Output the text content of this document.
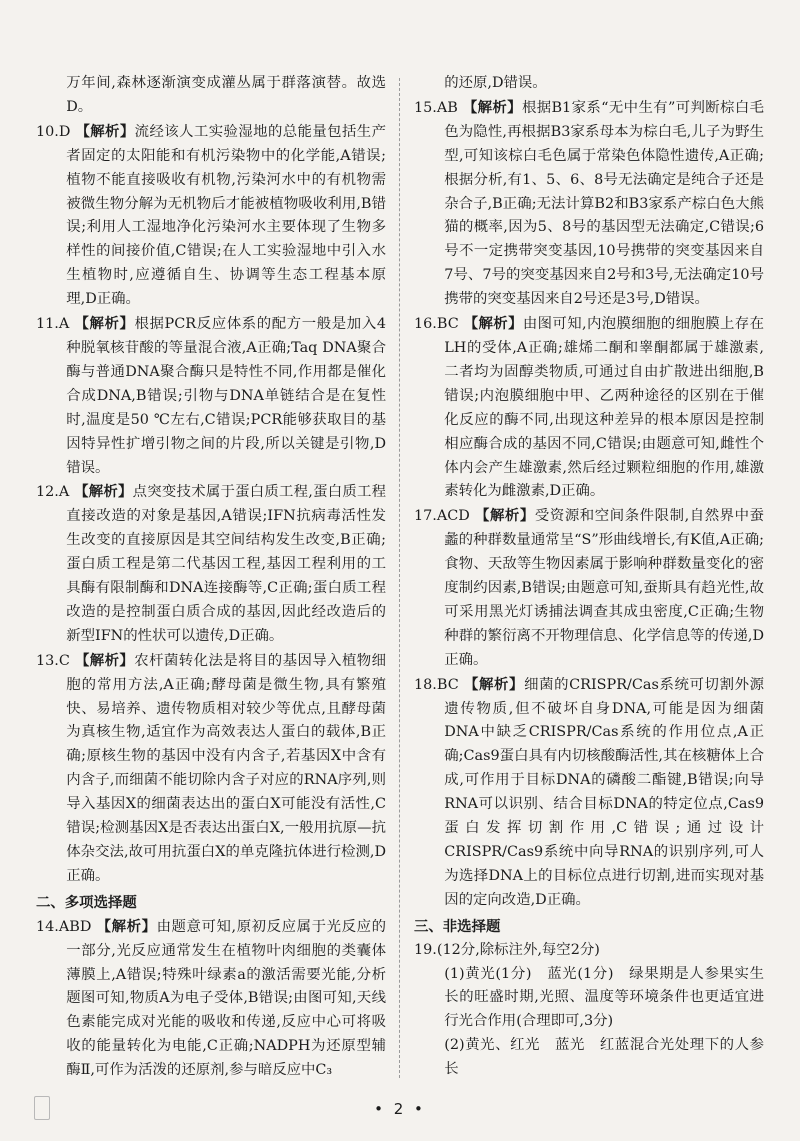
万年间,森林逐渐演变成灌丛属于群落演替。故选D。

10.D 【解析】流经该人工实验湿地的总能量包括生产者固定的太阳能和有机污染物中的化学能,A错误;植物不能直接吸收有机物,污染河水中的有机物需被微生物分解为无机物后才能被植物吸收利用,B错误;利用人工湿地净化污染河水主要体现了生物多样性的间接价值,C错误;在人工实验湿地中引入水生植物时,应遵循自生、协调等生态工程基本原理,D正确。

11.A 【解析】根据PCR反应体系的配方一般是加入4种脱氧核苷酸的等量混合液,A正确;Taq DNA聚合酶与普通DNA聚合酶只是特性不同,作用都是催化合成DNA,B错误;引物与DNA单链结合是在复性时,温度是50 ℃左右,C错误;PCR能够获取目的基因特异性扩增引物之间的片段,所以关键是引物,D错误。

12.A 【解析】点突变技术属于蛋白质工程,蛋白质工程直接改造的对象是基因,A错误;IFN抗病毒活性发生改变的直接原因是其空间结构发生改变,B正确;蛋白质工程是第二代基因工程,基因工程利用的工具酶有限制酶和DNA连接酶等,C正确;蛋白质工程改造的是控制蛋白质合成的基因,因此经改造后的新型IFN的性状可以遗传,D正确。

13.C 【解析】农杆菌转化法是将目的基因导入植物细胞的常用方法,A正确;酵母菌是微生物,具有繁殖快、易培养、遗传物质相对较少等优点,且酵母菌为真核生物,适宜作为高效表达人蛋白的载体,B正确;原核生物的基因中没有内含子,若基因X中含有内含子,而细菌不能切除内含子对应的RNA序列,则导入基因X的细菌表达出的蛋白X可能没有活性,C错误;检测基因X是否表达出蛋白X,一般用抗原—抗体杂交法,故可用抗蛋白X的单克隆抗体进行检测,D正确。

二、多项选择题

14.ABD 【解析】由题意可知,原初反应属于光反应的一部分,光反应通常发生在植物叶肉细胞的类囊体薄膜上,A错误;特殊叶绿素a的激活需要光能,分析题图可知,物质A为电子受体,B错误;由图可知,天线色素能完成对光能的吸收和传递,反应中心可将吸收的能量转化为电能,C正确;NADPH为还原型辅酶Ⅱ,可作为活泼的还原剂,参与暗反应中C₃

的还原,D错误。

15.AB 【解析】根据B1家系“无中生有”可判断棕白毛色为隐性,再根据B3家系母本为棕白毛,儿子为野生型,可知该棕白毛色属于常染色体隐性遗传,A正确;根据分析,有1、5、6、8号无法确定是纯合子还是杂合子,B正确;无法计算B2和B3家系产棕白色大熊猫的概率,因为5、8号的基因型无法确定,C错误;6号不一定携带突变基因,10号携带的突变基因来自7号、7号的突变基因来自2号和3号,无法确定10号携带的突变基因来自2号还是3号,D错误。

16.BC 【解析】由图可知,内泡膜细胞的细胞膜上存在LH的受体,A正确;雄烯二酮和睾酮都属于雄激素,二者均为固醇类物质,可通过自由扩散进出细胞,B错误;内泡膜细胞中甲、乙两种途径的区别在于催化反应的酶不同,出现这种差异的根本原因是控制相应酶合成的基因不同,C错误;由题意可知,雌性个体内会产生雄激素,然后经过颗粒细胞的作用,雄激素转化为雌激素,D正确。

17.ACD 【解析】受资源和空间条件限制,自然界中蚕蠡的种群数量通常呈“S”形曲线增长,有K值,A正确;食物、天敌等生物因素属于影响种群数量变化的密度制约因素,B错误;由题意可知,蚕斯具有趋光性,故可采用黑光灯诱捕法调查其成虫密度,C正确;生物种群的繁衍离不开物理信息、化学信息等的传递,D正确。

18.BC 【解析】细菌的CRISPR/Cas系统可切割外源遗传物质,但不破坏自身DNA,可能是因为细菌DNA中缺乏CRISPR/Cas系统的作用位点,A正确;Cas9蛋白具有内切核酸酶活性,其在核糖体上合成,可作用于目标DNA的磷酸二酯键,B错误;向导RNA可以识别、结合目标DNA的特定位点,Cas9蛋白发挥切割作用,C错误;通过设计CRISPR/Cas9系统中向导RNA的识别序列,可人为选择DNA上的目标位点进行切割,进而实现对基因的定向改造,D正确。

三、非选择题

19.(12分,除标注外,每空2分)

(1)黄光(1分)　蓝光(1分)　绿果期是人参果实生长的旺盛时期,光照、温度等环境条件也更适宜进行光合作用(合理即可,3分)

(2)黄光、红光　蓝光　红蓝混合光处理下的人参长

• 2 •
